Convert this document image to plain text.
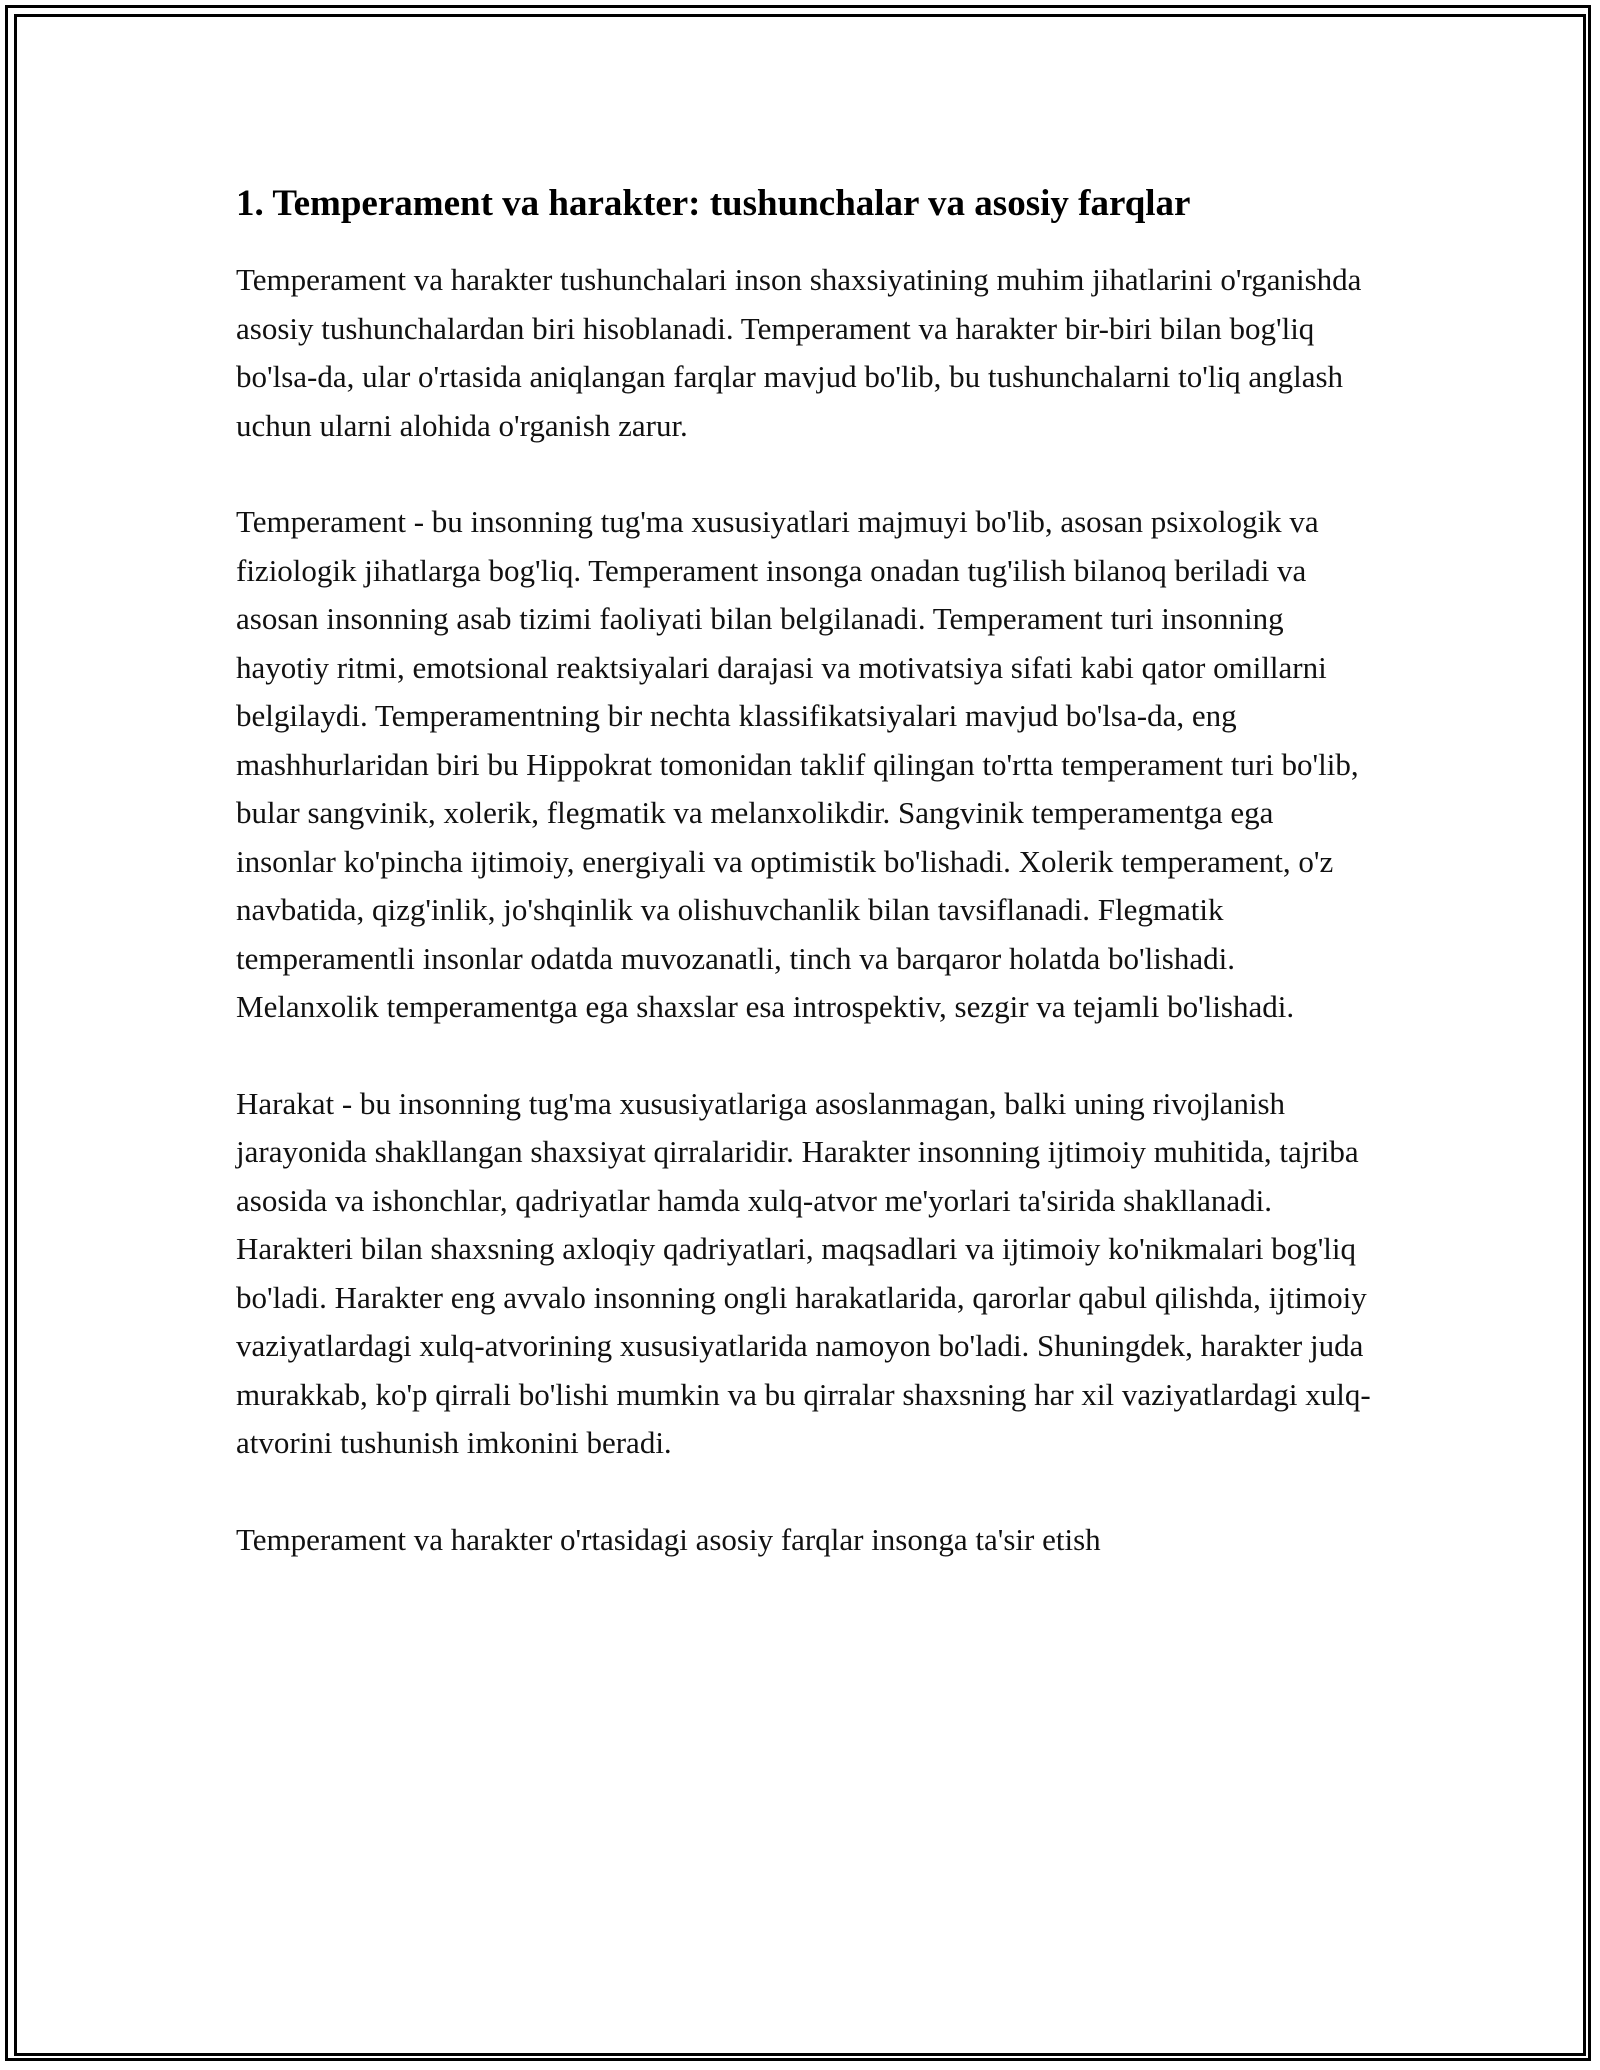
1. Temperament va harakter: tushunchalar va asosiy farqlar

Temperament va harakter tushunchalari inson shaxsiyatining muhim jihatlarini o'rganishda asosiy tushunchalardan biri hisoblanadi. Temperament va harakter bir-biri bilan bog'liq bo'lsa-da, ular o'rtasida aniqlangan farqlar mavjud bo'lib, bu tushunchalarni to'liq anglash uchun ularni alohida o'rganish zarur.

Temperament - bu insonning tug'ma xususiyatlari majmuyi bo'lib, asosan psixologik va fiziologik jihatlarga bog'liq. Temperament insonga onadan tug'ilish bilanoq beriladi va asosan insonning asab tizimi faoliyati bilan belgilanadi. Temperament turi insonning hayotiy ritmi, emotsional reaktsiyalari darajasi va motivatsiya sifati kabi qator omillarni belgilaydi. Temperamentning bir nechta klassifikatsiyalari mavjud bo'lsa-da, eng mashhurlaridan biri bu Hippokrat tomonidan taklif qilingan to'rtta temperament turi bo'lib, bular sangvinik, xolerik, flegmatik va melanxolikdir. Sangvinik temperamentga ega insonlar ko'pincha ijtimoiy, energiyali va optimistik bo'lishadi. Xolerik temperament, o'z navbatida, qizg'inlik, jo'shqinlik va olishuvchanlik bilan tavsiflanadi. Flegmatik temperamentli insonlar odatda muvozanatli, tinch va barqaror holatda bo'lishadi. Melanxolik temperamentga ega shaxslar esa introspektiv, sezgir va tejamli bo'lishadi.

Harakat - bu insonning tug'ma xususiyatlariga asoslanmagan, balki uning rivojlanish jarayonida shakllangan shaxsiyat qirralaridir. Harakter insonning ijtimoiy muhitida, tajriba asosida va ishonchlar, qadriyatlar hamda xulq-atvor me'yorlari ta'sirida shakllanadi. Harakteri bilan shaxsning axloqiy qadriyatlari, maqsadlari va ijtimoiy ko'nikmalari bog'liq bo'ladi. Harakter eng avvalo insonning ongli harakatlarida, qarorlar qabul qilishda, ijtimoiy vaziyatlardagi xulq-atvorining xususiyatlarida namoyon bo'ladi. Shuningdek, harakter juda murakkab, ko'p qirrali bo'lishi mumkin va bu qirralar shaxsning har xil vaziyatlardagi xulq-atvorini tushunish imkonini beradi.

Temperament va harakter o'rtasidagi asosiy farqlar insonga ta'sir etish
